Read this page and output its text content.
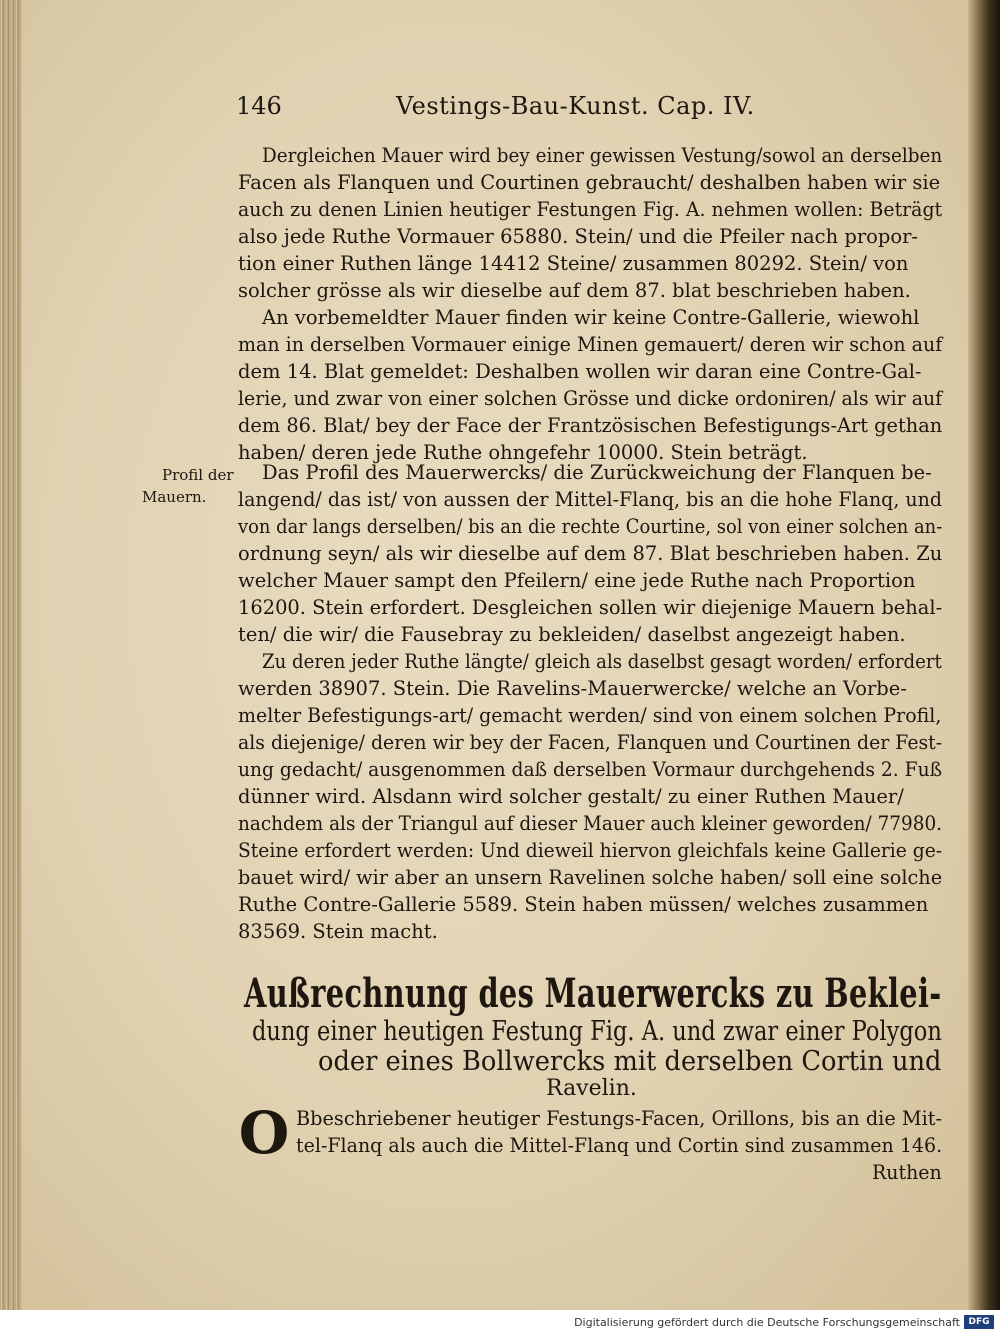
146	Vestings-Bau-Kunst. Cap. IV.
Dergleichen Mauer wird bey einer gewissen Vestung/sowol an derselben
Facen als Flanquen und Courtinen gebraucht/ deshalben haben wir sie
auch zu denen Linien heutiger Festungen Fig. A. nehmen wollen: Beträgt
also jede Ruthe Vormauer 65880. Stein/ und die Pfeiler nach propor-
tion einer Ruthen länge 14412 Steine/ zusammen 80292. Stein/ von
solcher grösse als wir dieselbe auf dem 87. blat beschrieben haben.
An vorbemeldter Mauer finden wir keine Contre-Gallerie, wiewohl
man in derselben Vormauer einige Minen gemauert/ deren wir schon auf
dem 14. Blat gemeldet: Deshalben wollen wir daran eine Contre-Gal-
lerie, und zwar von einer solchen Grösse und dicke ordoniren/ als wir auf
dem 86. Blat/ bey der Face der Frantzösischen Befestigungs-Art gethan
haben/ deren jede Ruthe ohngefehr 10000. Stein beträgt.
Profil der
Mauern.
Das Profil des Mauerwercks/ die Zurückweichung der Flanquen be-
langend/ das ist/ von aussen der Mittel-Flanq, bis an die hohe Flanq, und
von dar langs derselben/ bis an die rechte Courtine, sol von einer solchen an-
ordnung seyn/ als wir dieselbe auf dem 87. Blat beschrieben haben. Zu
welcher Mauer sampt den Pfeilern/ eine jede Ruthe nach Proportion
16200. Stein erfordert. Desgleichen sollen wir diejenige Mauern behal-
ten/ die wir/ die Fausebray zu bekleiden/ daselbst angezeigt haben.
Zu deren jeder Ruthe längte/ gleich als daselbst gesagt worden/ erfordert
werden 38907. Stein. Die Ravelins-Mauerwercke/ welche an Vorbe-
melter Befestigungs-art/ gemacht werden/ sind von einem solchen Profil,
als diejenige/ deren wir bey der Facen, Flanquen und Courtinen der Fest-
ung gedacht/ ausgenommen daß derselben Vormaur durchgehends 2. Fuß
dünner wird. Alsdann wird solcher gestalt/ zu einer Ruthen Mauer/
nachdem als der Triangul auf dieser Mauer auch kleiner geworden/ 77980.
Steine erfordert werden: Und dieweil hiervon gleichfals keine Gallerie ge-
bauet wird/ wir aber an unsern Ravelinen solche haben/ soll eine solche
Ruthe Contre-Gallerie 5589. Stein haben müssen/ welches zusammen
83569. Stein macht.
Außrechnung des Mauerwercks zu Beklei-
dung einer heutigen Festung Fig. A. und zwar einer Polygon
oder eines Bollwercks mit derselben Cortin und
Ravelin.
O Bbeschriebener heutiger Festungs-Facen, Orillons, bis an die Mit-
tel-Flanq als auch die Mittel-Flanq und Cortin sind zusammen 146.
Ruthen
Digitalisierung gefördert durch die Deutsche Forschungsgemeinschaft DFG
